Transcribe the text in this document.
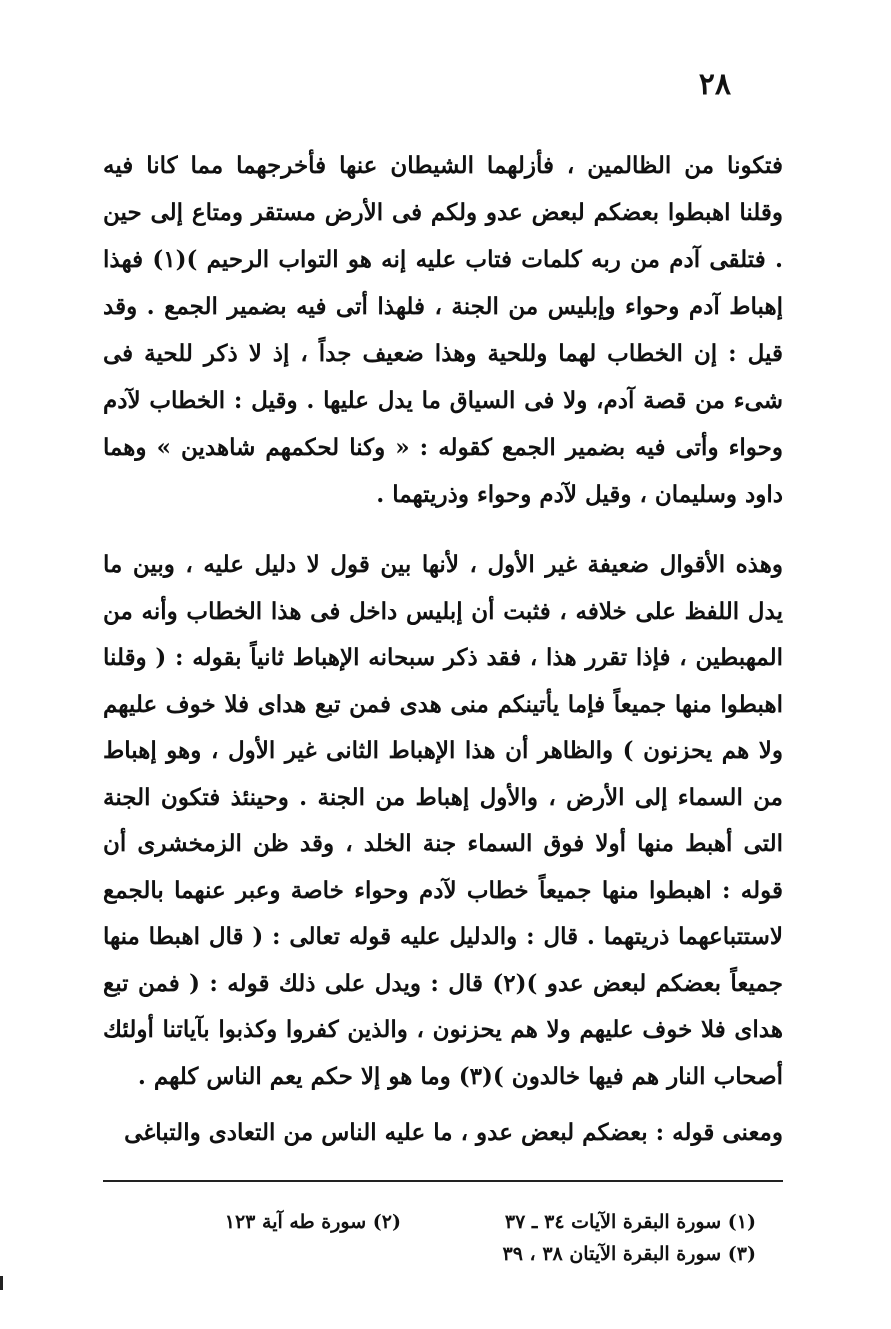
٢٨

فتكونا من الظالمين ، فأزلهما الشيطان عنها فأخرجهما مما كانا فيه وقلنا اهبطوا بعضكم لبعض عدو ولكم فى الأرض مستقر ومتاع إلى حين . فتلقى آدم من ربه كلمات فتاب عليه إنه هو التواب الرحيم )(١) فهذا إهباط آدم وحواء وإبليس من الجنة ، فلهذا أتى فيه بضمير الجمع . وقد قيل : إن الخطاب لهما وللحية وهذا ضعيف جداً ، إذ لا ذكر للحية فى شىء من قصة آدم، ولا فى السياق ما يدل عليها . وقيل : الخطاب لآدم وحواء وأتى فيه بضمير الجمع كقوله : « وكنا لحكمهم شاهدين » وهما داود وسليمان ، وقيل لآدم وحواء وذريتهما .

وهذه الأقوال ضعيفة غير الأول ، لأنها بين قول لا دليل عليه ، وبين ما يدل اللفظ على خلافه ، فثبت أن إبليس داخل فى هذا الخطاب وأنه من المهبطين ، فإذا تقرر هذا ، فقد ذكر سبحانه الإهباط ثانياً بقوله : ( وقلنا اهبطوا منها جميعاً فإما يأتينكم منى هدى فمن تبع هداى فلا خوف عليهم ولا هم يحزنون ) والظاهر أن هذا الإهباط الثانى غير الأول ، وهو إهباط من السماء إلى الأرض ، والأول إهباط من الجنة . وحينئذ فتكون الجنة التى أهبط منها أولا فوق السماء جنة الخلد ، وقد ظن الزمخشرى أن قوله : اهبطوا منها جميعاً خطاب لآدم وحواء خاصة وعبر عنهما بالجمع لاستتباعهما ذريتهما . قال : والدليل عليه قوله تعالى : ( قال اهبطا منها جميعاً بعضكم لبعض عدو )(٢) قال : ويدل على ذلك قوله : ( فمن تبع هداى فلا خوف عليهم ولا هم يحزنون ، والذين كفروا وكذبوا بآياتنا أولئك أصحاب النار هم فيها خالدون )(٣) وما هو إلا حكم يعم الناس كلهم .

ومعنى قوله : بعضكم لبعض عدو ، ما عليه الناس من التعادى والتباغى

(١) سورة البقرة الآيات ٣٤ ـ ٣٧
(٢) سورة طه آية ١٢٣
(٣) سورة البقرة الآيتان ٣٨ ، ٣٩
